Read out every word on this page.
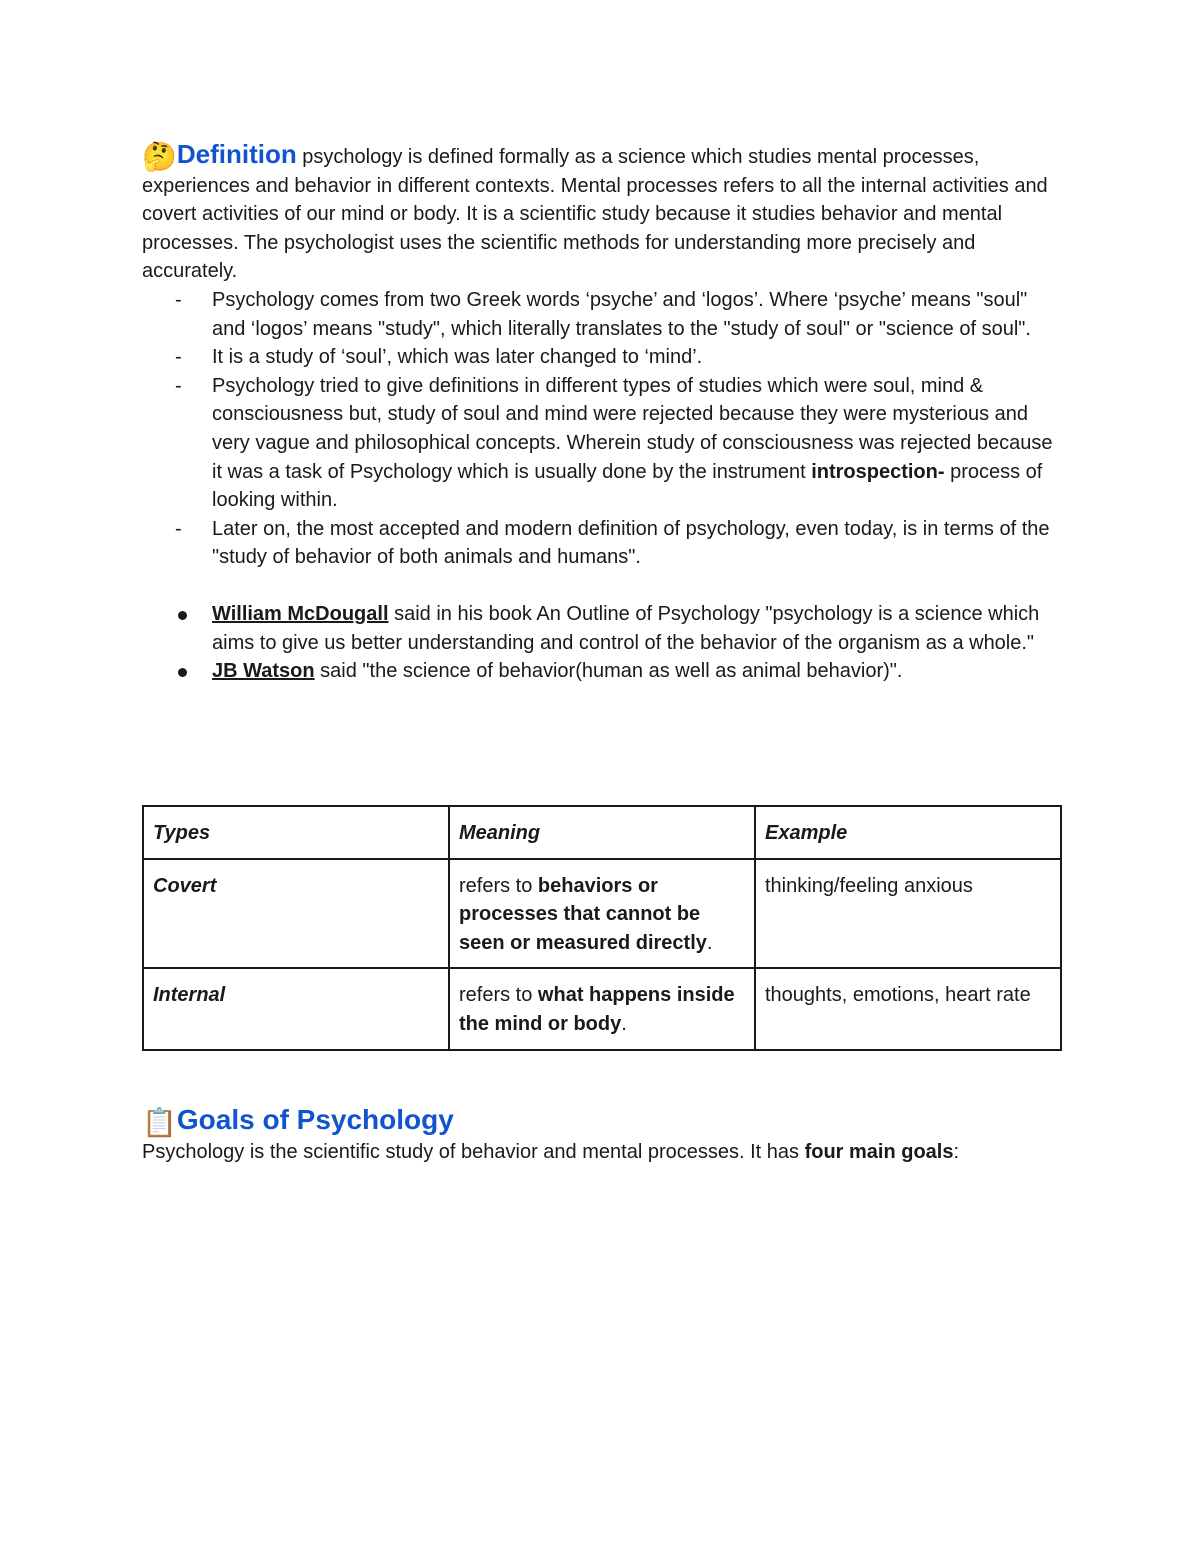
🤔Definition psychology is defined formally as a science which studies mental processes, experiences and behavior in different contexts. Mental processes refers to all the internal activities and covert activities of our mind or body. It is a scientific study because it studies behavior and mental processes. The psychologist uses the scientific methods for understanding more precisely and accurately.

- Psychology comes from two Greek words ‘psyche’ and ‘logos’. Where ‘psyche’ means "soul" and ‘logos’ means "study", which literally translates to the "study of soul" or "science of soul".
- It is a study of ‘soul’, which was later changed to ‘mind’.
- Psychology tried to give definitions in different types of studies which were soul, mind & consciousness but, study of soul and mind were rejected because they were mysterious and very vague and philosophical concepts. Wherein study of consciousness was rejected because it was a task of Psychology which is usually done by the instrument introspection- process of looking within.
- Later on, the most accepted and modern definition of psychology, even today, is in terms of the "study of behavior of both animals and humans".
William McDougall said in his book An Outline of Psychology "psychology is a science which aims to give us better understanding and control of the behavior of the organism as a whole."
JB Watson said "the science of behavior(human as well as animal behavior)".
Types	Meaning	Example
Covert	refers to behaviors or processes that cannot be seen or measured directly.	thinking/feeling anxious
Internal	refers to what happens inside the mind or body.	thoughts, emotions, heart rate
📋Goals of Psychology

Psychology is the scientific study of behavior and mental processes. It has four main goals:
